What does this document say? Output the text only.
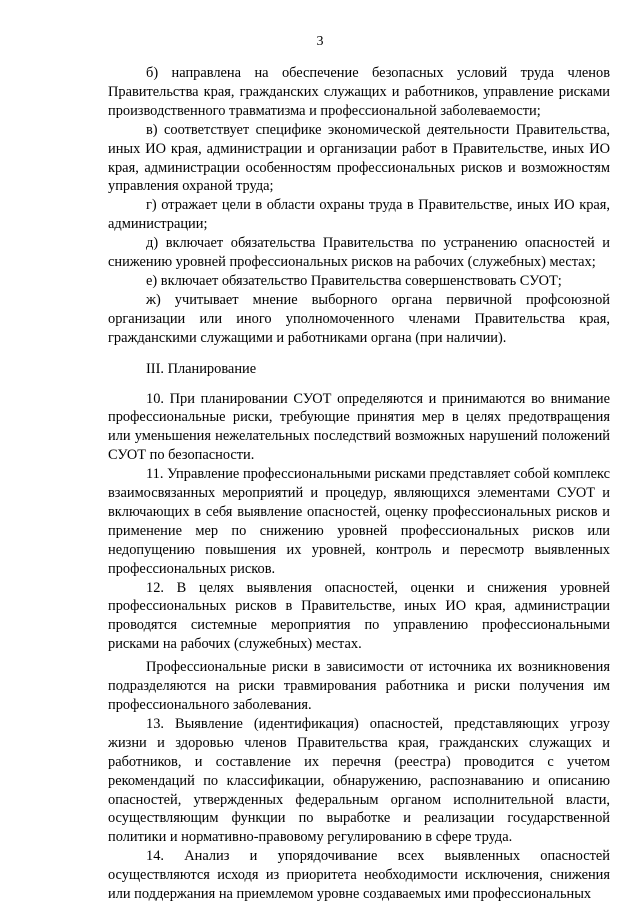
3

б) направлена на обеспечение безопасных условий труда членов Правительства края, гражданских служащих и работников, управление рисками производственного травматизма и профессиональной заболеваемости;

в) соответствует специфике экономической деятельности Правительства, иных ИО края, администрации и организации работ в Правительстве, иных ИО края, администрации особенностям профессиональных рисков и возможностям управления охраной труда;

г) отражает цели в области охраны труда в Правительстве, иных ИО края, администрации;

д) включает обязательства Правительства по устранению опасностей и снижению уровней профессиональных рисков на рабочих (служебных) местах;

е) включает обязательство Правительства совершенствовать СУОТ;

ж) учитывает мнение выборного органа первичной профсоюзной организации или иного уполномоченного членами Правительства края, гражданскими служащими и работниками органа (при наличии).

III. Планирование

10. При планировании СУОТ определяются и принимаются во внимание профессиональные риски, требующие принятия мер в целях предотвращения или уменьшения нежелательных последствий возможных нарушений положений СУОТ по безопасности.

11. Управление профессиональными рисками представляет собой комплекс взаимосвязанных мероприятий и процедур, являющихся элементами СУОТ и включающих в себя выявление опасностей, оценку профессиональных рисков и применение мер по снижению уровней профессиональных рисков или недопущению повышения их уровней, контроль и пересмотр выявленных профессиональных рисков.

12. В целях выявления опасностей, оценки и снижения уровней профессиональных рисков в Правительстве, иных ИО края, администрации проводятся системные мероприятия по управлению профессиональными рисками на рабочих (служебных) местах.

Профессиональные риски в зависимости от источника их возникновения подразделяются на риски травмирования работника и риски получения им профессионального заболевания.

13. Выявление (идентификация) опасностей, представляющих угрозу жизни и здоровью членов Правительства края, гражданских служащих и работников, и составление их перечня (реестра) проводится с учетом рекомендаций по классификации, обнаружению, распознаванию и описанию опасностей, утвержденных федеральным органом исполнительной власти, осуществляющим функции по выработке и реализации государственной политики и нормативно-правовому регулированию в сфере труда.

14. Анализ и упорядочивание всех выявленных опасностей осуществляются исходя из приоритета необходимости исключения, снижения или поддержания на приемлемом уровне создаваемых ими профессиональных
